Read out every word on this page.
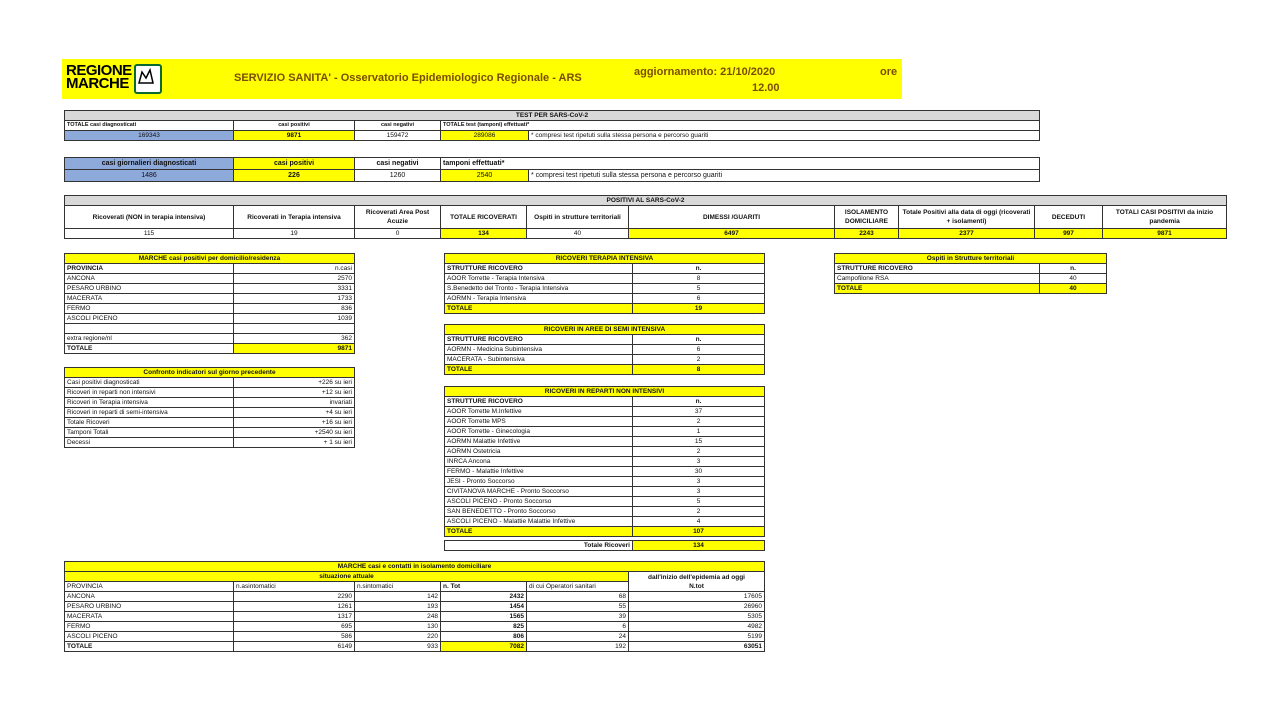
REGIONE
MARCHE	SERVIZIO SANITA' - Osservatorio Epidemiologico Regionale - ARS	aggiornamento: 21/10/2020	ore
12.00
TEST PER SARS-CoV-2				
TOTALE casi diagnosticati	casi positivi	casi negativi	TOTALE test (tamponi) effettuati*	
169343	9871	159472	289086	* compresi test ripetuti sulla stessa persona e percorso guariti
casi giornalieri diagnosticati	casi positivi	casi negativi	tamponi effettuati*	
1486	226	1260	2540	* compresi test ripetuti sulla stessa persona e percorso guariti
POSITIVI AL SARS-CoV-2									
Ricoverati (NON in terapia intensiva)	Ricoverati in Terapia intensiva	Ricoverati Area Post Acuzie	TOTALE RICOVERATI	Ospiti in strutture territoriali	DIMESSI /GUARITI	ISOLAMENTO DOMICILIARE	Totale Positivi alla data di oggi (ricoverati + isolamenti)	DECEDUTI	TOTALI CASI POSITIVI da inizio pandemia
115	19	0	134	40	6497	2243	2377	997	9871
MARCHE casi positivi per domicilio/residenza	
PROVINCIA	n.casi
ANCONA	2570
PESARO URBINO	3331
MACERATA	1733
FERMO	836
ASCOLI PICENO	1039

extra regione/nl	362
TOTALE	9871
Confronto indicatori sul giorno precedente	
Casi positivi diagnosticati	+226 su ieri
Ricoveri in reparti non intensivi	+12 su ieri
Ricoveri in Terapia intensiva	invariati
Ricoveri in reparti di semi-intensiva	+4 su ieri
Totale Ricoveri	+16 su ieri
Tamponi Totali	+2540 su ieri
Decessi	+ 1 su ieri
RICOVERI TERAPIA INTENSIVA	
STRUTTURE RICOVERO	n.
AOOR Torrette - Terapia Intensiva	8
S.Benedetto del Tronto - Terapia Intensiva	5
AORMN - Terapia Intensiva	6
TOTALE	19
RICOVERI IN AREE DI SEMI INTENSIVA	
STRUTTURE RICOVERO	n.
AORMN - Medicina Subintensiva	6
MACERATA - Subintensiva	2
TOTALE	8
RICOVERI IN REPARTI NON INTENSIVI	
STRUTTURE RICOVERO	n.
AOOR Torrette M.Infettive	37
AOOR Torrette MPS	2
AOOR Torrette - Ginecologia	1
AORMN Malattie Infettive	15
AORMN Ostetricia	2
INRCA Ancona	3
FERMO - Malattie Infettive	30
JESI - Pronto Soccorso	3
CIVITANOVA MARCHE - Pronto Soccorso	3
ASCOLI PICENO - Pronto Soccorso	5
SAN BENEDETTO - Pronto Soccorso	2
ASCOLI PICENO - Malattie Malattie Infettive	4
TOTALE	107
Totale Ricoveri	134
Ospiti in Strutture territoriali	
STRUTTURE RICOVERO	n.
Campofilone RSA	40
TOTALE	40
MARCHE casi e contatti in isolamento domiciliare					
situazione attuale					dall'inizio dell'epidemia ad oggi
N.tot
PROVINCIA	n.asintomatici	n.sintomatici	n. Tot	di cui Operatori sanitari	
ANCONA	2290	142	2432	68	17605
PESARO URBINO	1261	193	1454	55	26960
MACERATA	1317	248	1565	39	5305
FERMO	695	130	825	6	4982
ASCOLI PICENO	586	220	806	24	5199
TOTALE	6149	933	7082	192	63051
